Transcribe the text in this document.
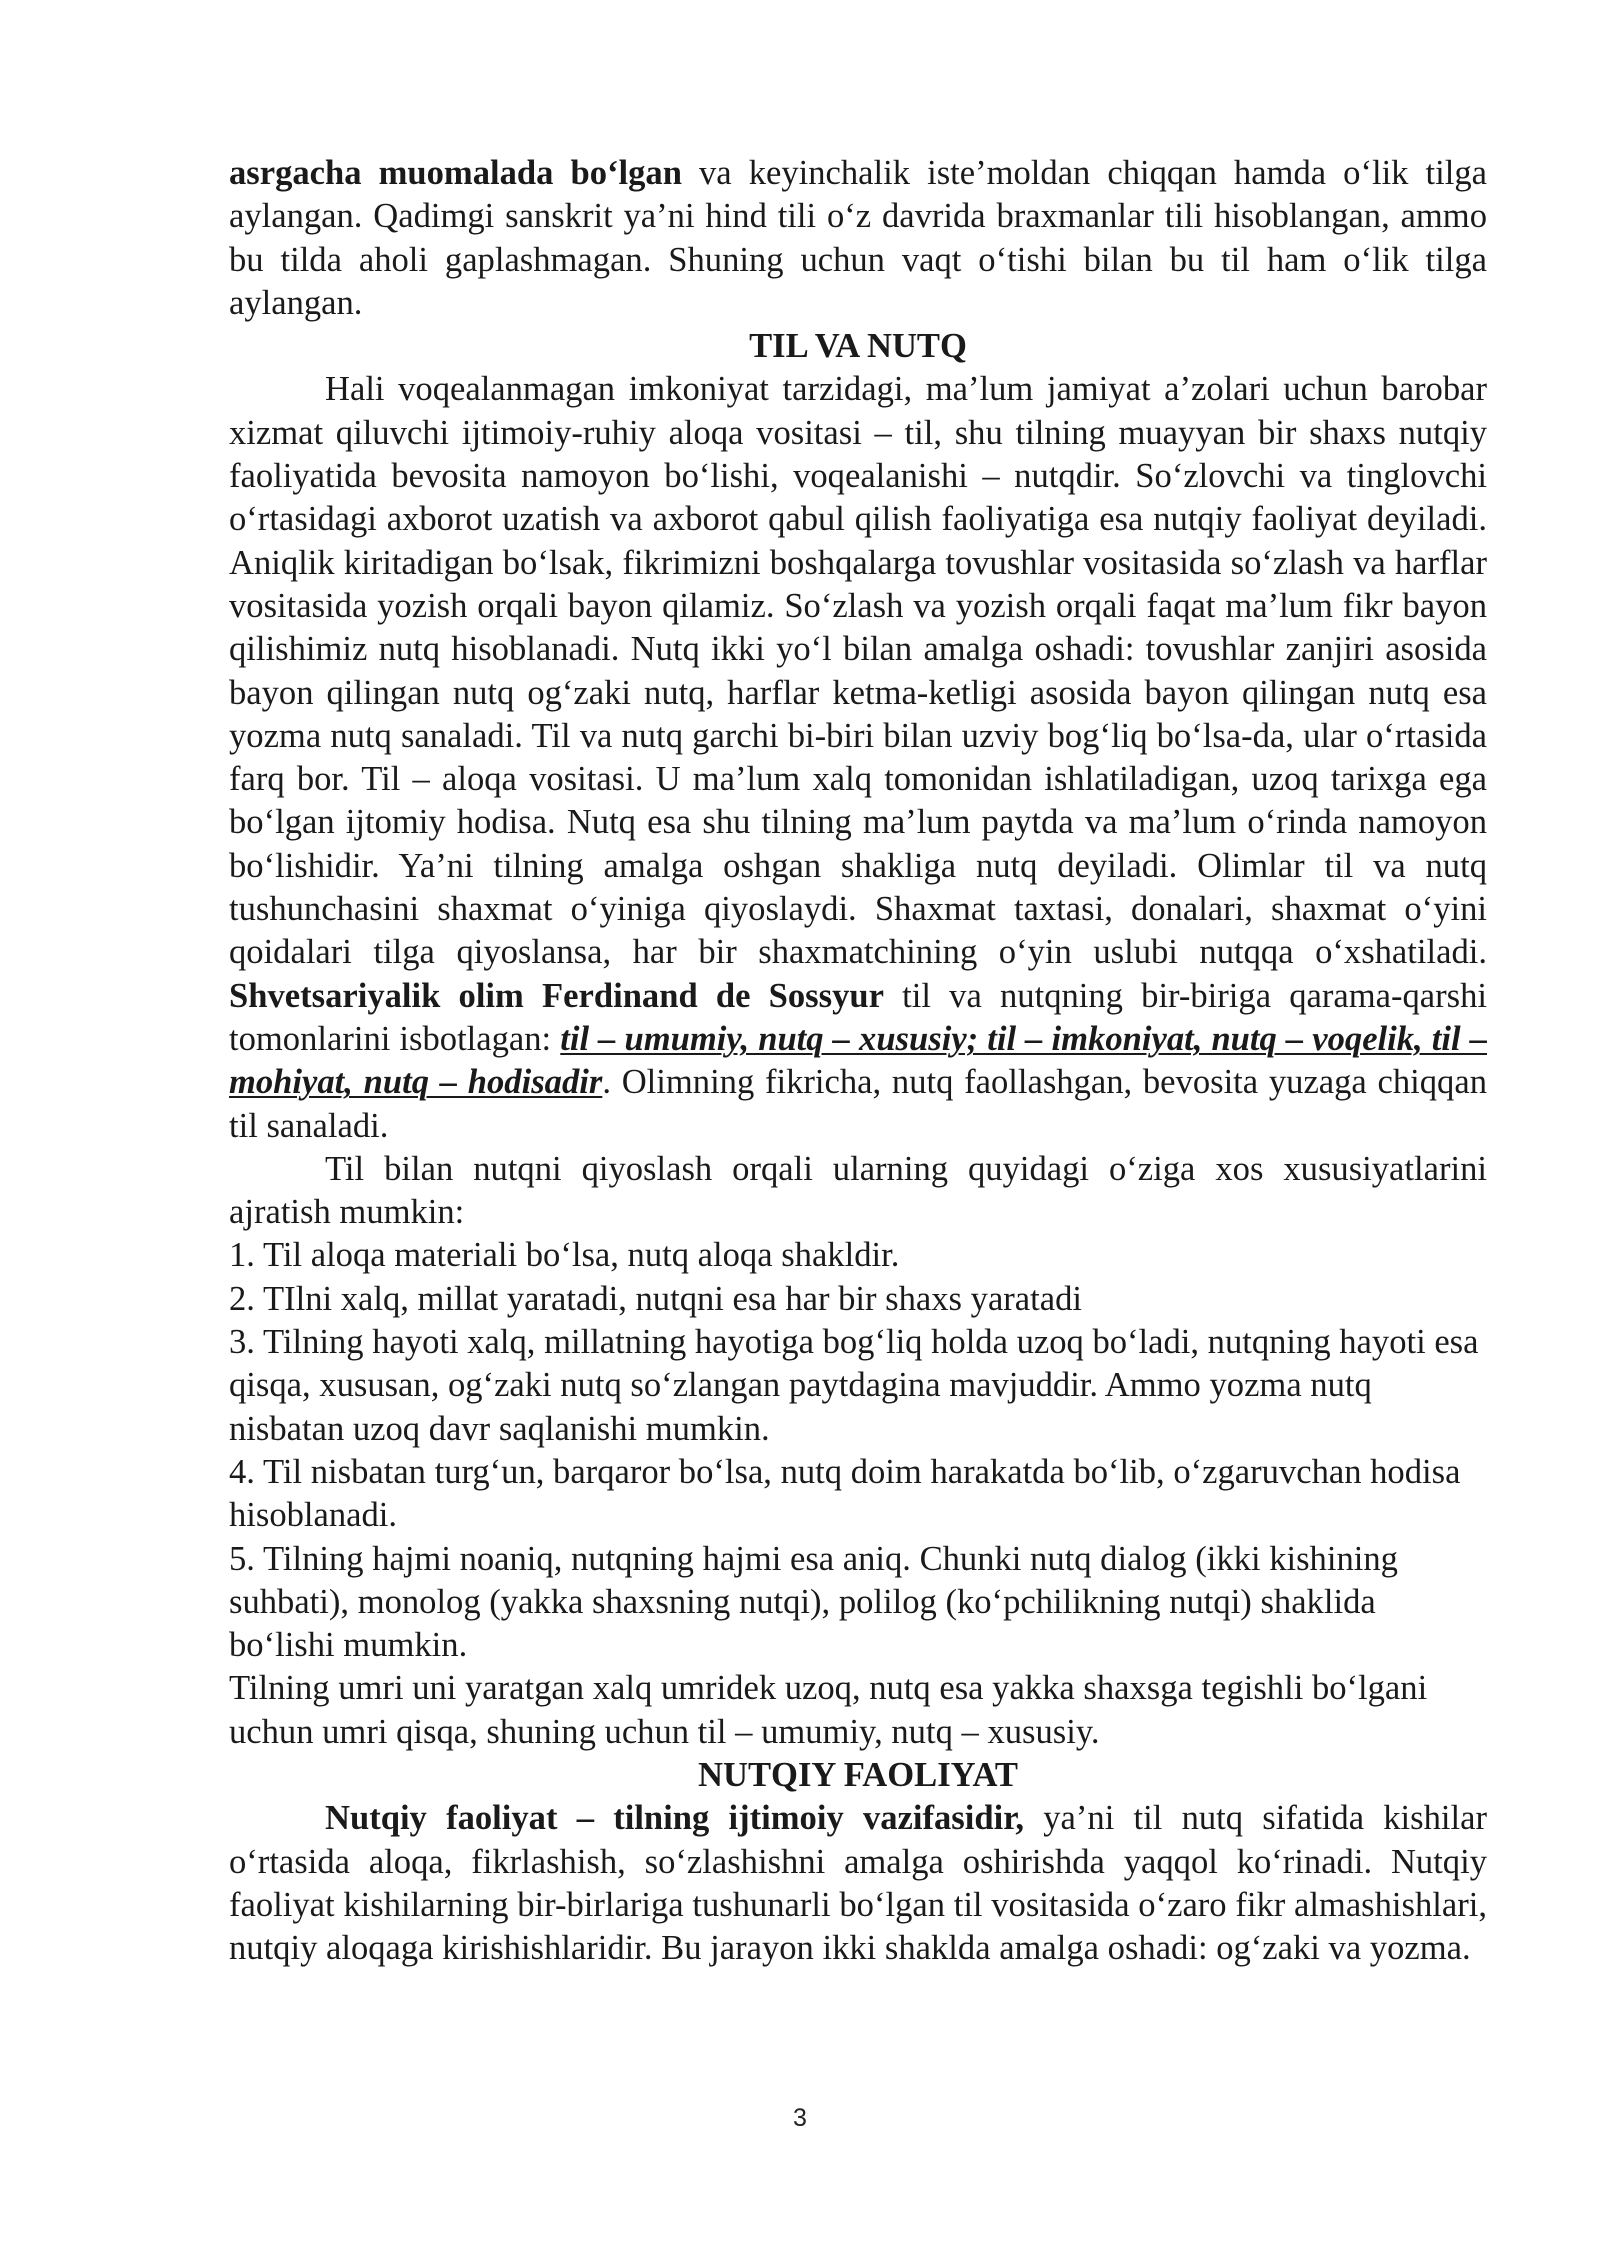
asrgacha muomalada bo‘lgan va keyinchalik iste’moldan chiqqan hamda o‘lik tilga aylangan. Qadimgi sanskrit ya’ni hind tili o‘z davrida braxmanlar tili hisoblangan, ammo bu tilda aholi gaplashmagan. Shuning uchun vaqt o‘tishi bilan bu til ham o‘lik tilga aylangan.

TIL VA NUTQ

Hali voqealanmagan imkoniyat tarzidagi, ma’lum jamiyat a’zolari uchun barobar xizmat qiluvchi ijtimoiy-ruhiy aloqa vositasi – til, shu tilning muayyan bir shaxs nutqiy faoliyatida bevosita namoyon bo‘lishi, voqealanishi – nutqdir. So‘zlovchi va tinglovchi o‘rtasidagi axborot uzatish va axborot qabul qilish faoliyatiga esa nutqiy faoliyat deyiladi. Aniqlik kiritadigan bo‘lsak, fikrimizni boshqalarga tovushlar vositasida so‘zlash va harflar vositasida yozish orqali bayon qilamiz. So‘zlash va yozish orqali faqat ma’lum fikr bayon qilishimiz nutq hisoblanadi. Nutq ikki yo‘l bilan amalga oshadi: tovushlar zanjiri asosida bayon qilingan nutq og‘zaki nutq, harflar ketma-ketligi asosida bayon qilingan nutq esa yozma nutq sanaladi. Til va nutq garchi bi-biri bilan uzviy bog‘liq bo‘lsa-da, ular o‘rtasida farq bor. Til – aloqa vositasi. U ma’lum xalq tomonidan ishlatiladigan, uzoq tarixga ega bo‘lgan ijtomiy hodisa. Nutq esa shu tilning ma’lum paytda va ma’lum o‘rinda namoyon bo‘lishidir. Ya’ni tilning amalga oshgan shakliga nutq deyiladi. Olimlar til va nutq tushunchasini shaxmat o‘yiniga qiyoslaydi. Shaxmat taxtasi, donalari, shaxmat o‘yini qoidalari tilga qiyoslansa, har bir shaxmatchining o‘yin uslubi nutqqa o‘xshatiladi. Shvetsariyalik olim Ferdinand de Sossyur til va nutqning bir-biriga qarama-qarshi tomonlarini isbotlagan: til – umumiy, nutq – xususiy; til – imkoniyat, nutq – voqelik, til – mohiyat, nutq – hodisadir. Olimning fikricha, nutq faollashgan, bevosita yuzaga chiqqan til sanaladi.

Til bilan nutqni qiyoslash orqali ularning quyidagi o‘ziga xos xususiyatlarini ajratish mumkin:

1. Til aloqa materiali bo‘lsa, nutq aloqa shakldir.

2. TIlni xalq, millat yaratadi, nutqni esa har bir shaxs yaratadi

3. Tilning hayoti xalq, millatning hayotiga bog‘liq holda uzoq bo‘ladi, nutqning hayoti esa qisqa, xususan, og‘zaki nutq so‘zlangan paytdagina mavjuddir. Ammo yozma nutq nisbatan uzoq davr saqlanishi mumkin.

4. Til nisbatan turg‘un, barqaror bo‘lsa, nutq doim harakatda bo‘lib, o‘zgaruvchan hodisa hisoblanadi.

5. Tilning hajmi noaniq, nutqning hajmi esa aniq. Chunki nutq dialog (ikki kishining suhbati), monolog (yakka shaxsning nutqi), polilog (ko‘pchilikning nutqi) shaklida bo‘lishi mumkin.

Tilning umri uni yaratgan xalq umridek uzoq, nutq esa yakka shaxsga tegishli bo‘lgani uchun umri qisqa, shuning uchun til – umumiy, nutq – xususiy.

NUTQIY FAOLIYAT

Nutqiy faoliyat – tilning ijtimoiy vazifasidir, ya’ni til nutq sifatida kishilar o‘rtasida aloqa, fikrlashish, so‘zlashishni amalga oshirishda yaqqol ko‘rinadi. Nutqiy faoliyat kishilarning bir-birlariga tushunarli bo‘lgan til vositasida o‘zaro fikr almashishlari, nutqiy aloqaga kirishishlaridir. Bu jarayon ikki shaklda amalga oshadi: og‘zaki va yozma.

3
